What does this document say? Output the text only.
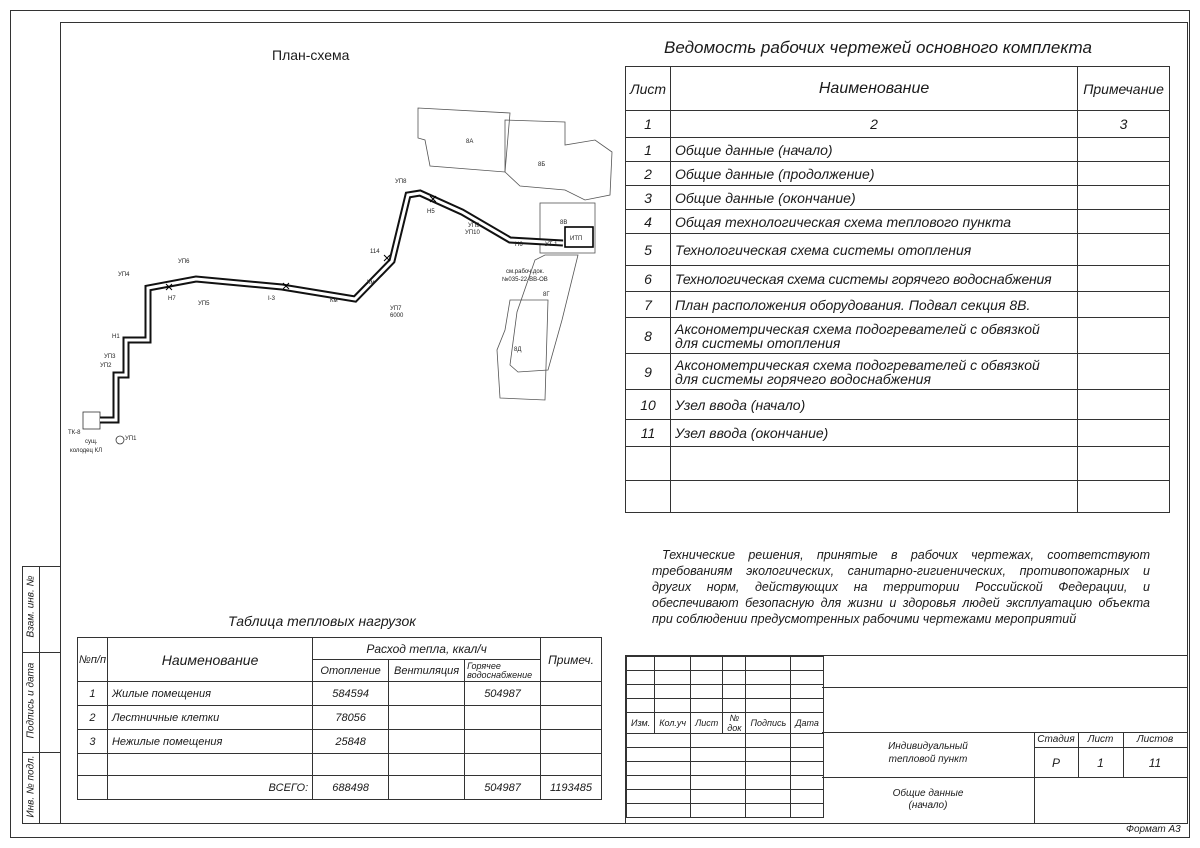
Взам. инв. №
Подпись и дата
Инв. № подл.
План-схема
ТК-8
сущ.
колодец КЛ
УП1
УП2
УП3
Н1
УП4
Н7
УП5
УП6
I-3	Км
Км
УП7
6000
114
Н5
УП8
УП9
УП10
Н6	УТ 1
ИТП
см.рабоч.док.
№035-22-ВВ-ОВ
8А
8Б
8В
8Г
8Д
Ведомость рабочих чертежей основного комплекта
Лист	Наименование	Примечание
1	2	3
1	Общие данные (начало)	
2	Общие данные (продолжение)	
3	Общие данные (окончание)	
4	Общая технологическая схема теплового пункта	
5	Технологическая схема системы отопления	
6	Технологическая схема системы горячего водоснабжения	
7	План расположения оборудования. Подвал секция 8В.	
8	Аксонометрическая схема подогревателей с обвязкой
для системы отопления	

9	Аксонометрическая схема подогревателей с обвязкой
для системы горячего водоснабжения	

10	Узел ввода (начало)	
11	Узел ввода (окончание)	

Технические решения, принятые в рабочих чертежах, соответствуют требованиям экологических, санитарно-гигиенических, противопожарных и других норм, действующих на территории Российской Федерации, и обеспечивают безопасную для жизни и здоровья людей эксплуатацию объекта при соблюдении предусмотренных рабочими чертежами мероприятий
Таблица тепловых нагрузок
№п/п	Наименование	Расход тепла, ккал/ч			Примеч.
		Отопление	Вентиляция	Горячее
водоснабжение	

1	Жилые помещения	584594		504987	
2	Лестничные клетки	78056			
3	Нежилые помещения	25848			

	ВСЕГО:	688498		504987	1193485

Изм.	Кол.уч	Лист	№ док	Подпись	Дата

Индивидуальный
тепловой пункт
Стадия	Лист	Листов
Р	1	11
Общие данные
(начало)
Формат А3
